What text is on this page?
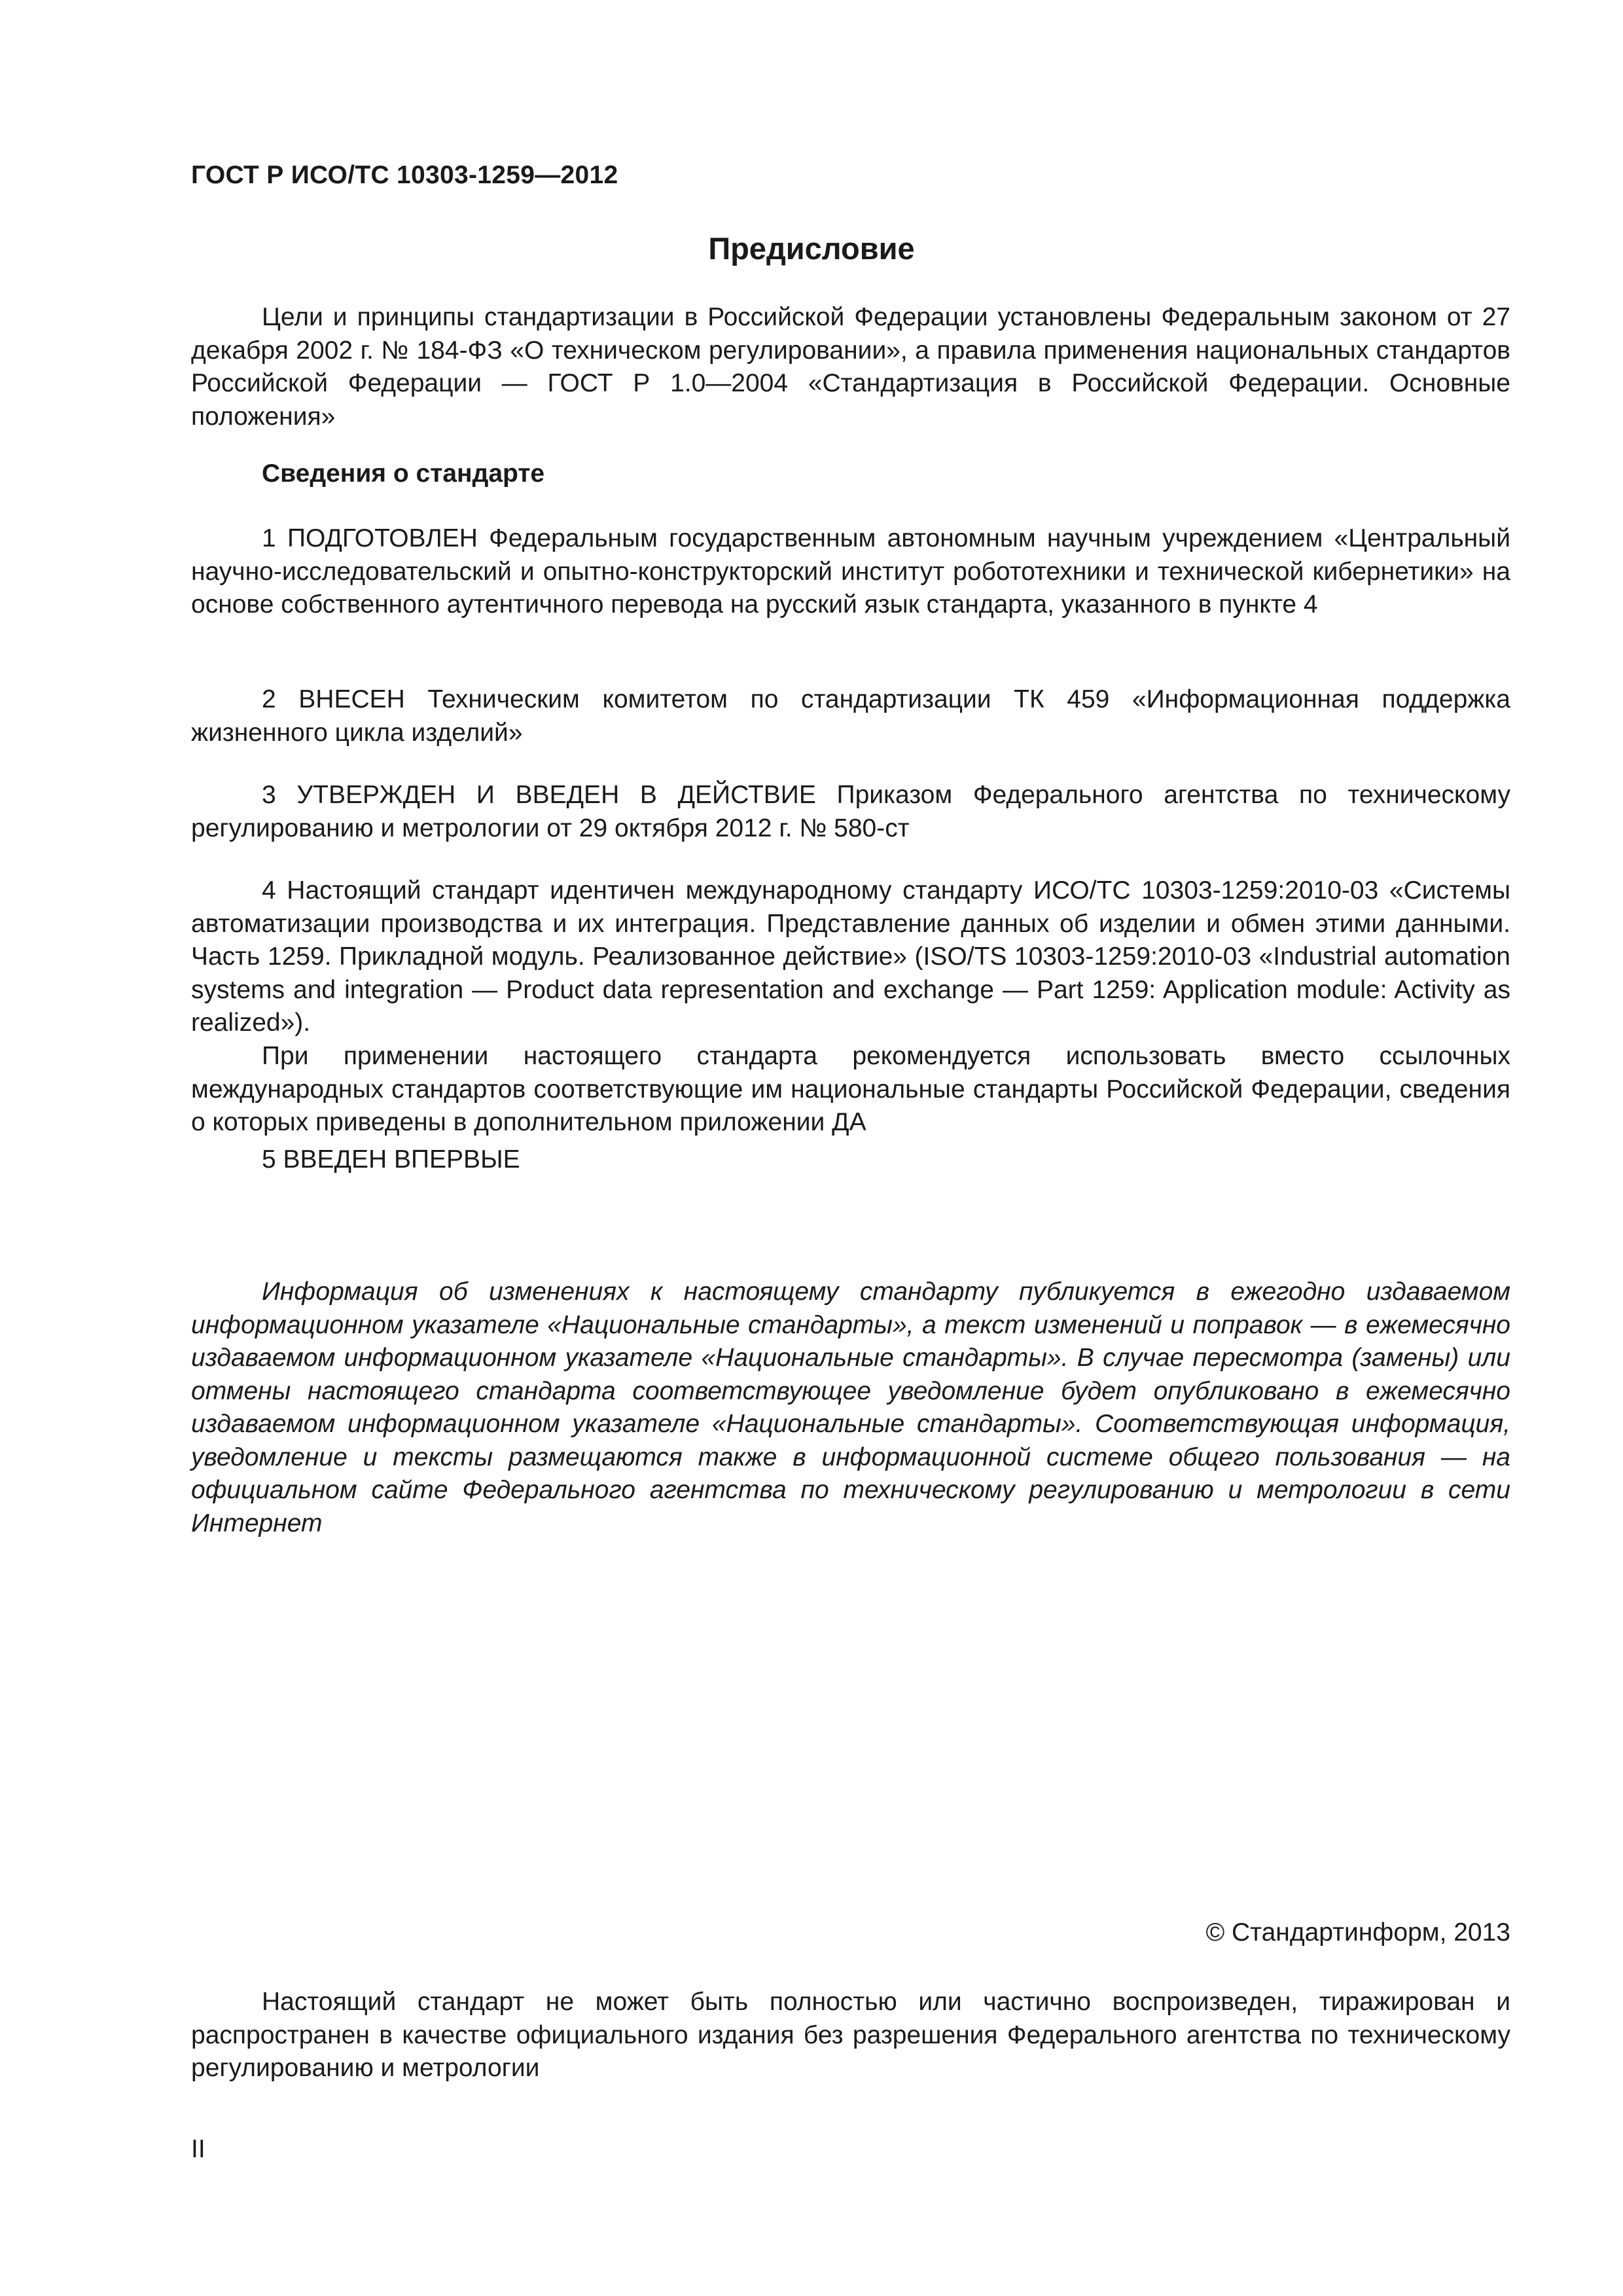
ГОСТ Р ИСО/ТС 10303-1259—2012
Предисловие

Цели и принципы стандартизации в Российской Федерации установлены Федеральным законом от 27 декабря 2002 г. № 184-ФЗ «О техническом регулировании», а правила применения национальных стандартов Российской Федерации — ГОСТ Р 1.0—2004 «Стандартизация в Российской Федерации. Основные положения»

Сведения о стандарте

1 ПОДГОТОВЛЕН Федеральным государственным автономным научным учреждением «Центральный научно-исследовательский и опытно-конструкторский институт робототехники и технической кибернетики» на основе собственного аутентичного перевода на русский язык стандарта, указанного в пункте 4

2 ВНЕСЕН Техническим комитетом по стандартизации ТК 459 «Информационная поддержка жизненного цикла изделий»

3 УТВЕРЖДЕН И ВВЕДЕН В ДЕЙСТВИЕ Приказом Федерального агентства по техническому регулированию и метрологии от 29 октября 2012 г. № 580-ст

4 Настоящий стандарт идентичен международному стандарту ИСО/ТС 10303-1259:2010-03 «Системы автоматизации производства и их интеграция. Представление данных об изделии и обмен этими данными. Часть 1259. Прикладной модуль. Реализованное действие» (ISO/TS 10303-1259:2010-03 «Industrial automation systems and integration — Product data representation and exchange — Part 1259: Application module: Activity as realized»).

При применении настоящего стандарта рекомендуется использовать вместо ссылочных международных стандартов соответствующие им национальные стандарты Российской Федерации, сведения о которых приведены в дополнительном приложении ДА

5 ВВЕДЕН ВПЕРВЫЕ

Информация об изменениях к настоящему стандарту публикуется в ежегодно издаваемом информационном указателе «Национальные стандарты», а текст изменений и поправок — в ежемесячно издаваемом информационном указателе «Национальные стандарты». В случае пересмотра (замены) или отмены настоящего стандарта соответствующее уведомление будет опубликовано в ежемесячно издаваемом информационном указателе «Национальные стандарты». Соответствующая информация, уведомление и тексты размещаются также в информационной системе общего пользования — на официальном сайте Федерального агентства по техническому регулированию и метрологии в сети Интернет

© Стандартинформ, 2013

Настоящий стандарт не может быть полностью или частично воспроизведен, тиражирован и распространен в качестве официального издания без разрешения Федерального агентства по техническому регулированию и метрологии

II
